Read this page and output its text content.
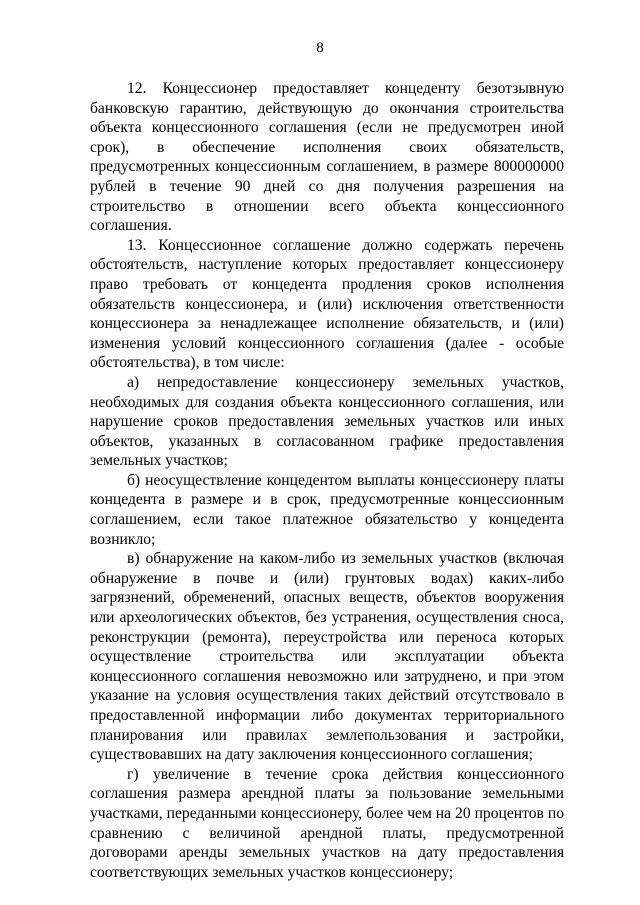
8

12. Концессионер предоставляет концеденту безотзывную банковскую гарантию, действующую до окончания строительства объекта концессионного соглашения (если не предусмотрен иной срок), в обеспечение исполнения своих обязательств, предусмотренных концессионным соглашением, в размере 800000000 рублей в течение 90 дней со дня получения разрешения на строительство в отношении всего объекта концессионного соглашения.

13. Концессионное соглашение должно содержать перечень обстоятельств, наступление которых предоставляет концессионеру право требовать от концедента продления сроков исполнения обязательств концессионера, и (или) исключения ответственности концессионера за ненадлежащее исполнение обязательств, и (или) изменения условий концессионного соглашения (далее - особые обстоятельства), в том числе:

а) непредоставление концессионеру земельных участков, необходимых для создания объекта концессионного соглашения, или нарушение сроков предоставления земельных участков или иных объектов, указанных в согласованном графике предоставления земельных участков;

б) неосуществление концедентом выплаты концессионеру платы концедента в размере и в срок, предусмотренные концессионным соглашением, если такое платежное обязательство у концедента возникло;

в) обнаружение на каком-либо из земельных участков (включая обнаружение в почве и (или) грунтовых водах) каких-либо загрязнений, обременений, опасных веществ, объектов вооружения или археологических объектов, без устранения, осуществления сноса, реконструкции (ремонта), переустройства или переноса которых осуществление строительства или эксплуатации объекта концессионного соглашения невозможно или затруднено, и при этом указание на условия осуществления таких действий отсутствовало в предоставленной информации либо документах территориального планирования или правилах землепользования и застройки, существовавших на дату заключения концессионного соглашения;

г) увеличение в течение срока действия концессионного соглашения размера арендной платы за пользование земельными участками, переданными концессионеру, более чем на 20 процентов по сравнению с величиной арендной платы, предусмотренной договорами аренды земельных участков на дату предоставления соответствующих земельных участков концессионеру;
